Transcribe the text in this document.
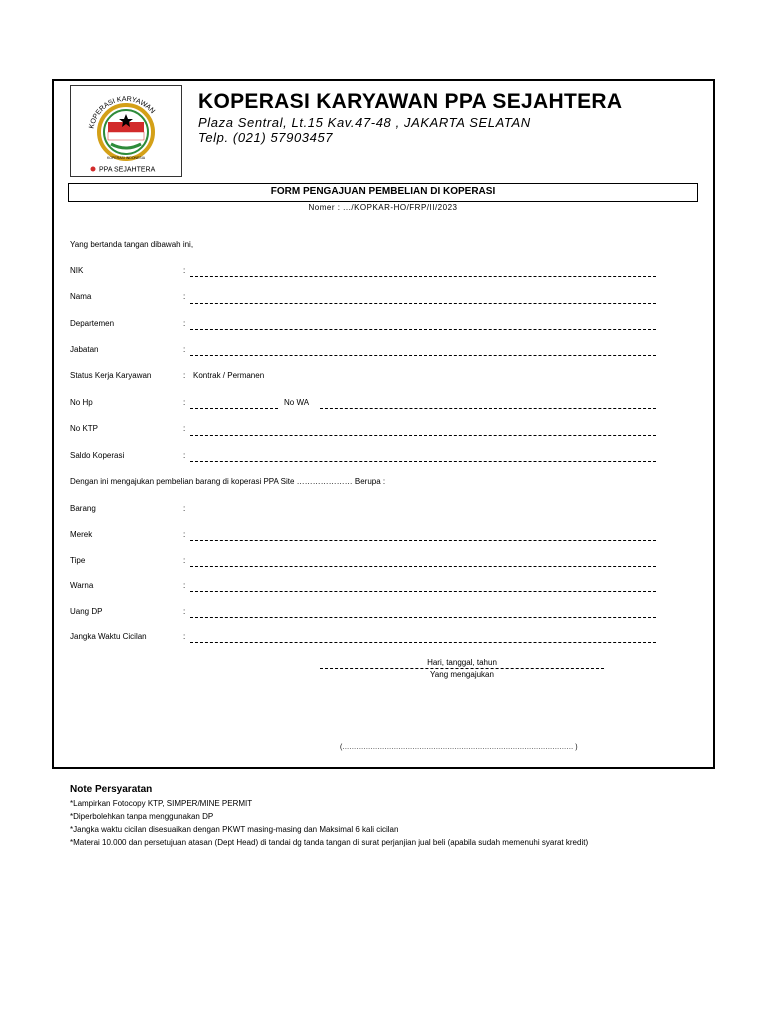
KOPERASI KARYAWAN
KOPERASI INDONESIA
PPA SEJAHTERA
KOPERASI KARYAWAN PPA SEJAHTERA
Plaza Sentral, Lt.15 Kav.47-48 , JAKARTA SELATAN
Telp. (021) 57903457
FORM PENGAJUAN PEMBELIAN DI KOPERASI
Nomer : .../KOPKAR-HO/FRP/II/2023
Yang bertanda tangan dibawah ini,
NIK	:
Nama	:
Departemen	:
Jabatan	:
Status Kerja Karyawan	: Kontrak / Permanen
No Hp	:	No WA
No KTP	:
Saldo Koperasi	:
Dengan ini mengajukan pembelian barang di koperasi PPA Site ………………… Berupa :
Barang	:
Merek	:
Tipe	:
Warna	:
Uang DP	:
Jangka Waktu Cicilan	:
Hari, tanggal, tahun
Yang mengajukan
(……………………………………………………………………………………… )
Note Persyaratan
*Lampirkan Fotocopy KTP, SIMPER/MINE PERMIT
*Diperbolehkan tanpa menggunakan DP
*Jangka waktu cicilan disesuaikan dengan PKWT masing-masing dan Maksimal 6 kali cicilan
*Materai 10.000 dan persetujuan atasan (Dept Head) di tandai dg tanda tangan di surat perjanjian jual beli (apabila sudah memenuhi syarat kredit)
